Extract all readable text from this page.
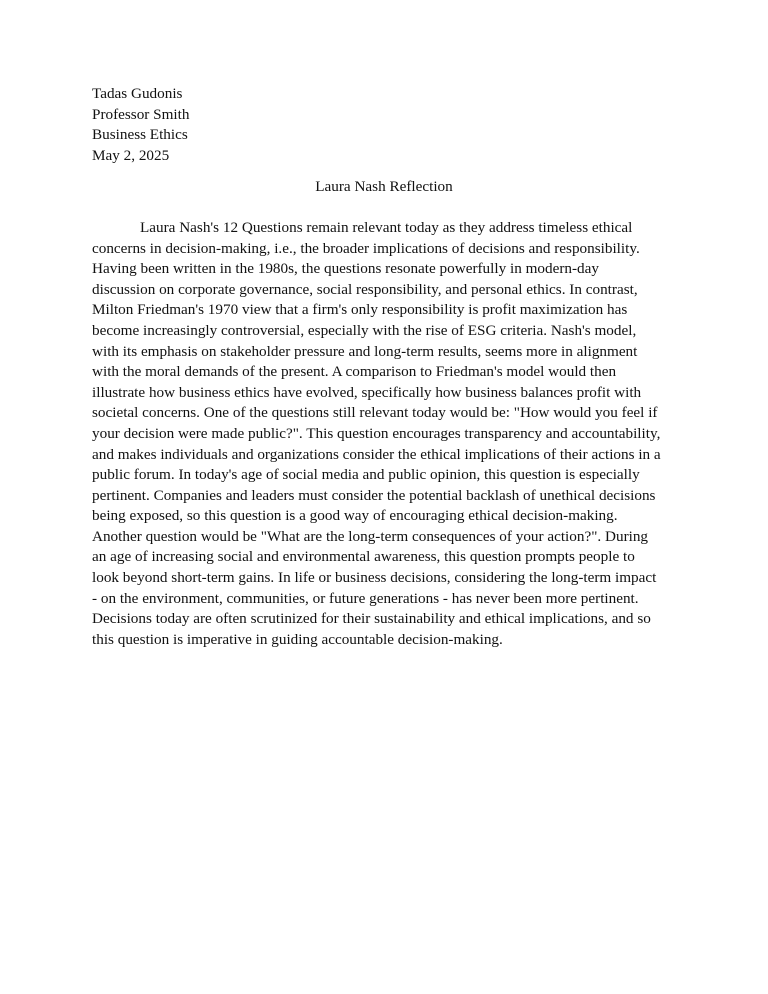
Tadas Gudonis
Professor Smith
Business Ethics
May 2, 2025
Laura Nash Reflection
Laura Nash's 12 Questions remain relevant today as they address timeless ethical
concerns in decision-making, i.e., the broader implications of decisions and responsibility.
Having been written in the 1980s, the questions resonate powerfully in modern-day
discussion on corporate governance, social responsibility, and personal ethics. In contrast,
Milton Friedman's 1970 view that a firm's only responsibility is profit maximization has
become increasingly controversial, especially with the rise of ESG criteria. Nash's model,
with its emphasis on stakeholder pressure and long-term results, seems more in alignment
with the moral demands of the present. A comparison to Friedman's model would then
illustrate how business ethics have evolved, specifically how business balances profit with
societal concerns. One of the questions still relevant today would be: "How would you feel if
your decision were made public?". This question encourages transparency and accountability,
and makes individuals and organizations consider the ethical implications of their actions in a
public forum. In today's age of social media and public opinion, this question is especially
pertinent. Companies and leaders must consider the potential backlash of unethical decisions
being exposed, so this question is a good way of encouraging ethical decision-making.
Another question would be "What are the long-term consequences of your action?". During
an age of increasing social and environmental awareness, this question prompts people to
look beyond short-term gains. In life or business decisions, considering the long-term impact
- on the environment, communities, or future generations - has never been more pertinent.
Decisions today are often scrutinized for their sustainability and ethical implications, and so
this question is imperative in guiding accountable decision-making.
